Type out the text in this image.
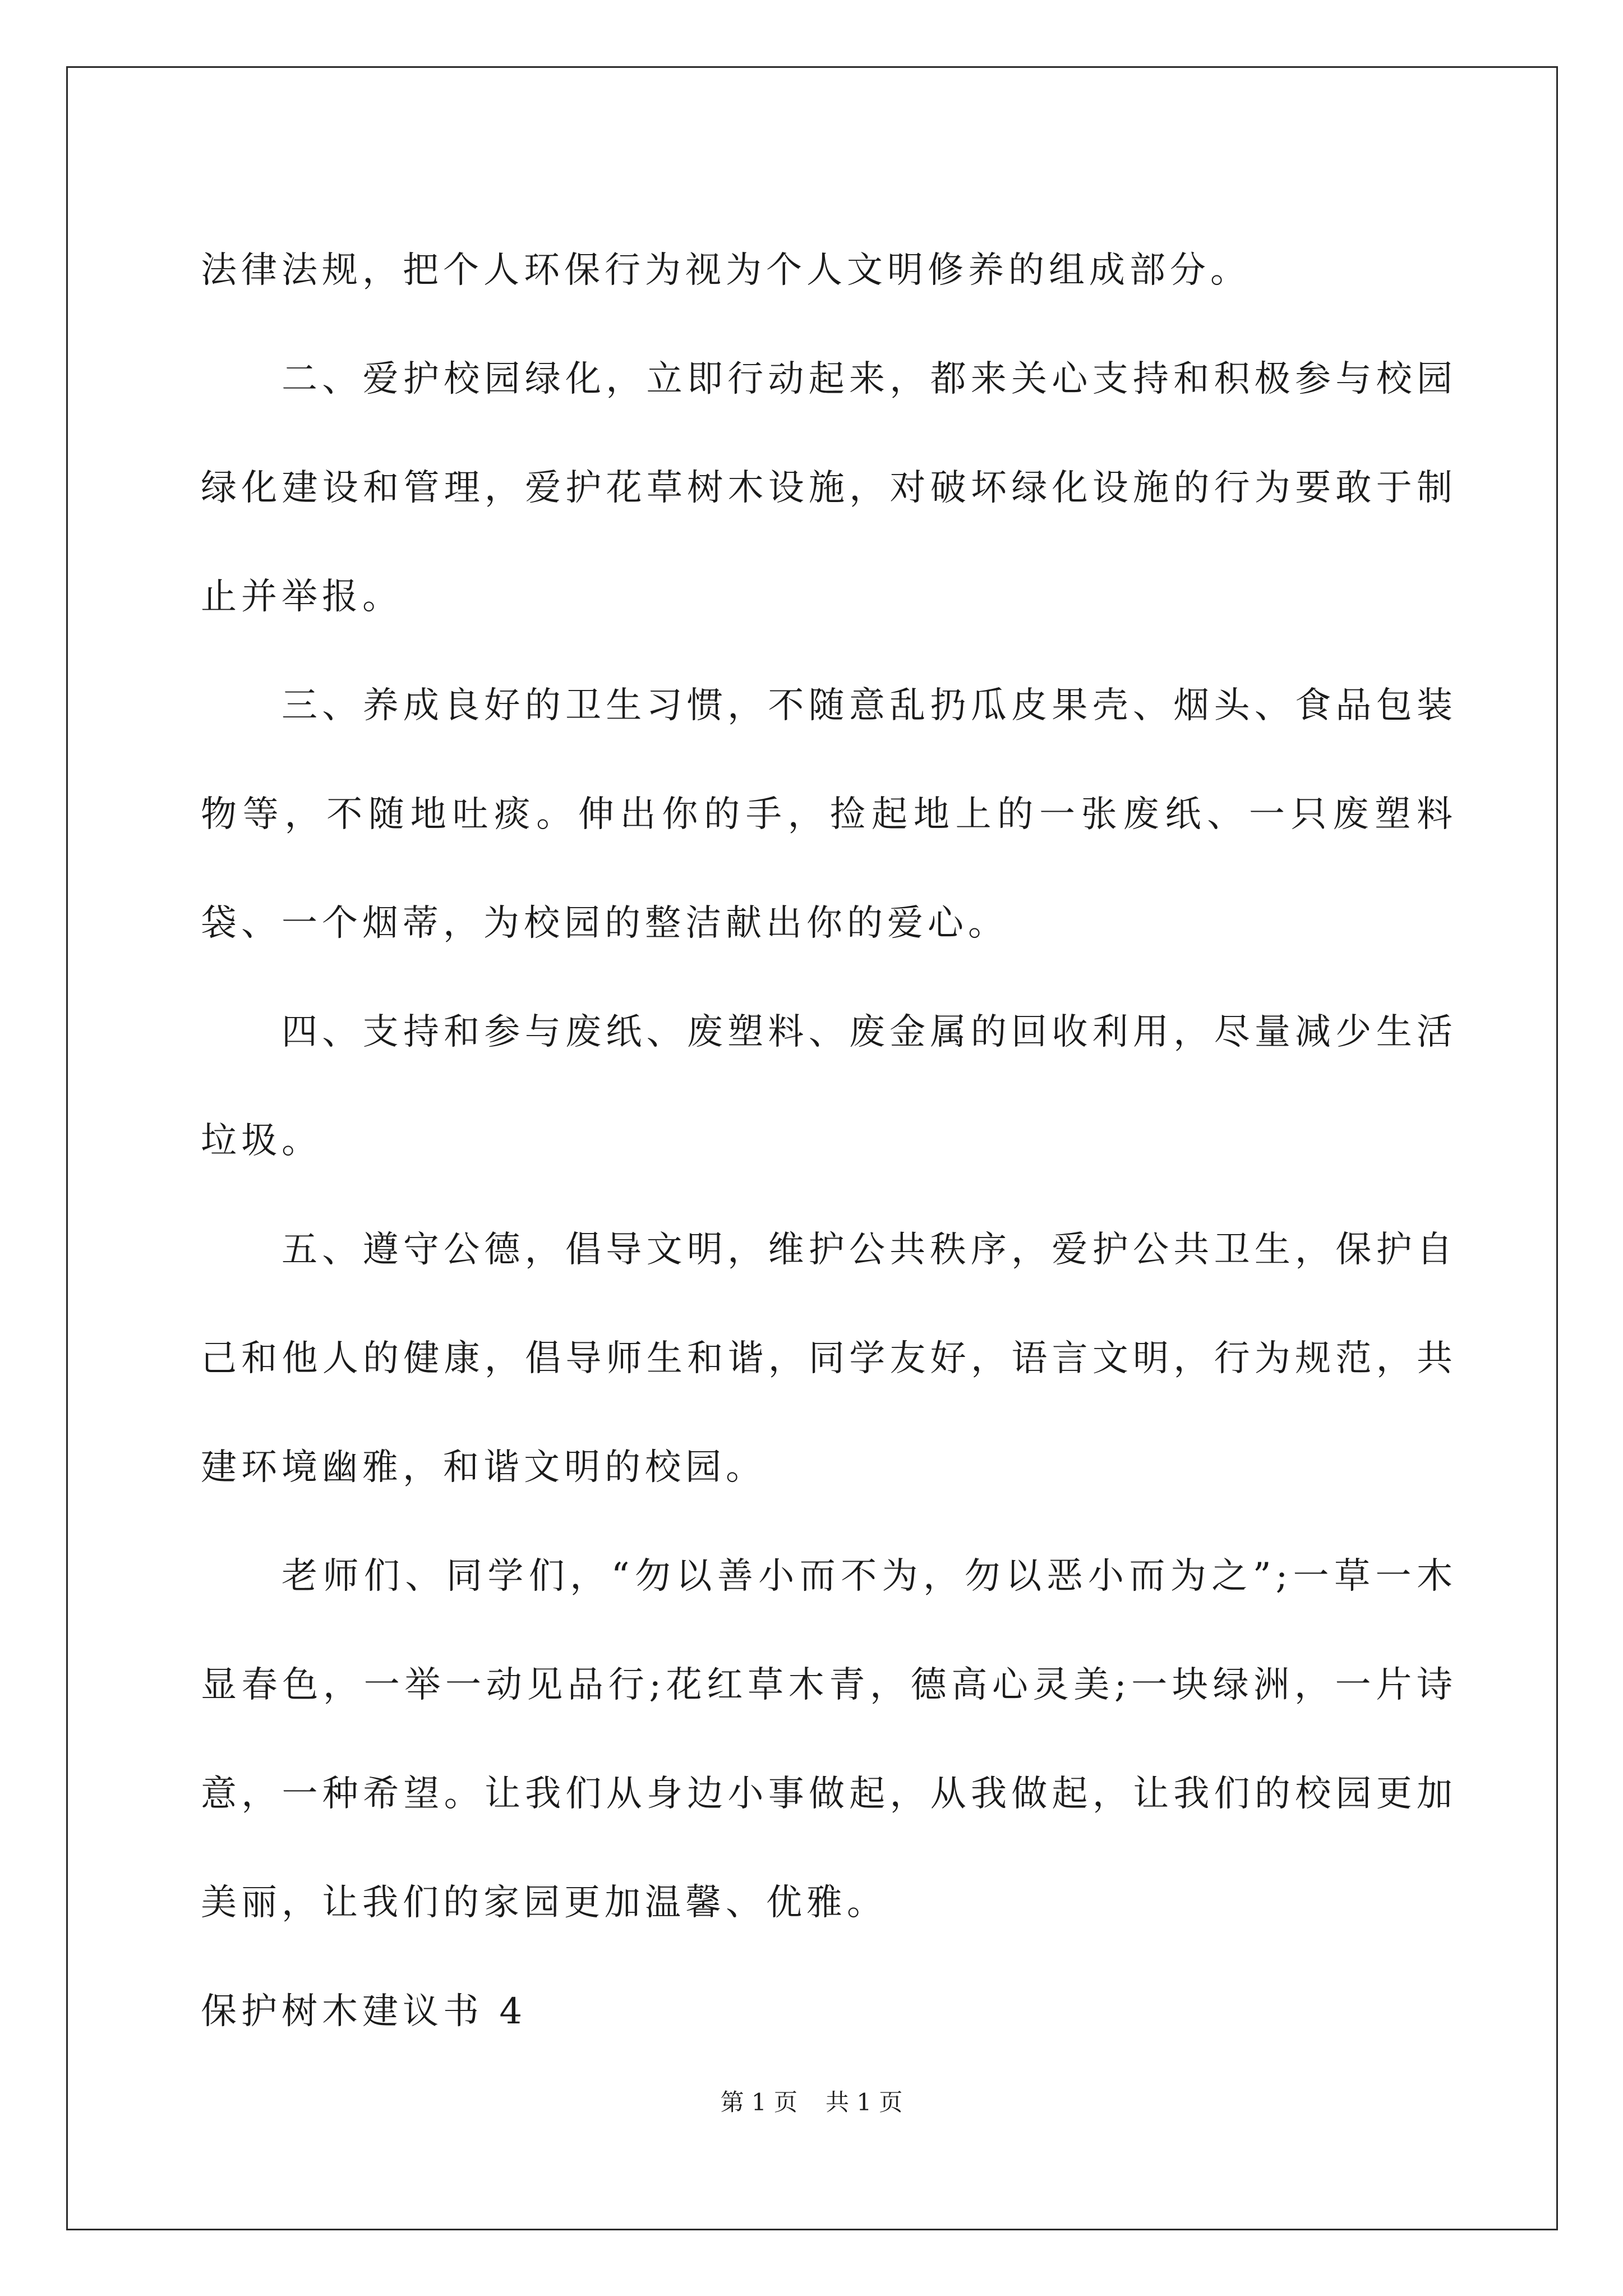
法律法规，把个人环保行为视为个人文明修养的组成部分。

二、爱护校园绿化，立即行动起来，都来关心支持和积极参与校园绿化建设和管理，爱护花草树木设施，对破坏绿化设施的行为要敢于制止并举报。

三、养成良好的卫生习惯，不随意乱扔瓜皮果壳、烟头、食品包装物等，不随地吐痰。伸出你的手，捡起地上的一张废纸、一只废塑料袋、一个烟蒂，为校园的整洁献出你的爱心。

四、支持和参与废纸、废塑料、废金属的回收利用，尽量减少生活垃圾。

五、遵守公德，倡导文明，维护公共秩序，爱护公共卫生，保护自己和他人的健康，倡导师生和谐，同学友好，语言文明，行为规范，共建环境幽雅，和谐文明的校园。

老师们、同学们，“勿以善小而不为，勿以恶小而为之”;一草一木显春色，一举一动见品行;花红草木青，德高心灵美;一块绿洲，一片诗意，一种希望。让我们从身边小事做起，从我做起，让我们的校园更加美丽，让我们的家园更加温馨、优雅。

保护树木建议书 4

第 1 页 共 1 页
